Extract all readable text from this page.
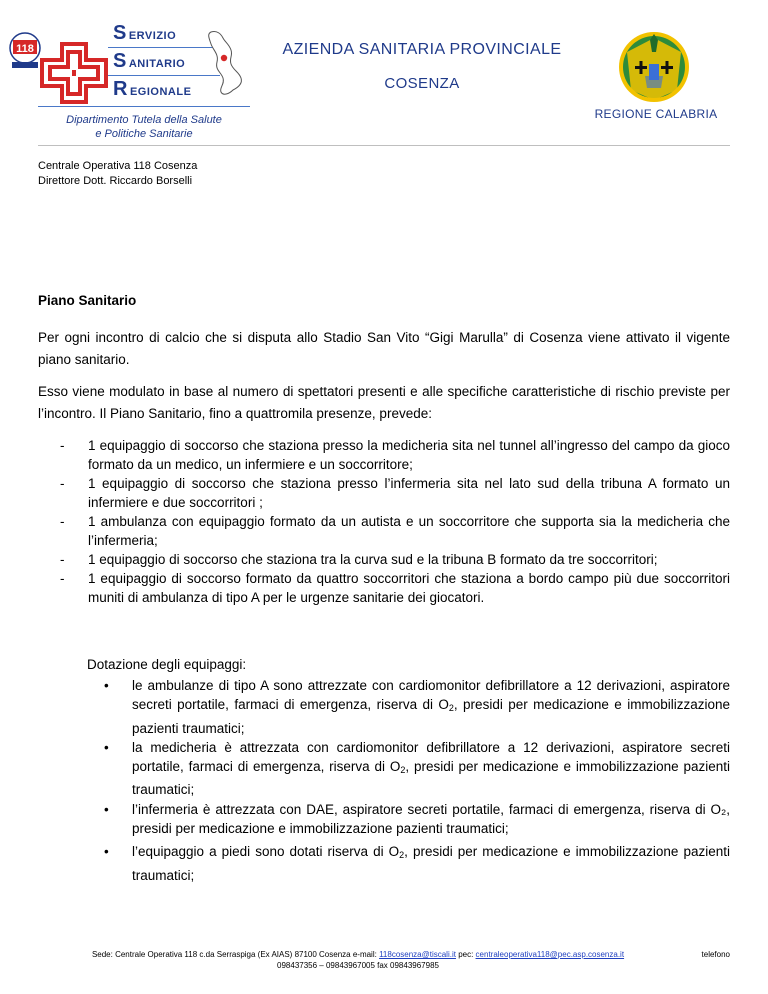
118
SERVIZIO
SANITARIO
REGIONALE
Dipartimento Tutela della Salute
e Politiche Sanitarie
AZIENDA SANITARIA PROVINCIALE
COSENZA
REGIONE CALABRIA
Centrale Operativa 118 Cosenza
Direttore Dott. Riccardo Borselli
Piano Sanitario
Per ogni incontro di calcio che si disputa allo Stadio San Vito “Gigi Marulla” di Cosenza viene attivato il vigente piano sanitario.
Esso viene modulato in base al numero di spettatori presenti e alle specifiche caratteristiche di rischio previste per l’incontro. Il Piano Sanitario, fino a quattromila presenze, prevede:
- 1 equipaggio di soccorso che staziona presso la medicheria sita nel tunnel all’ingresso del campo da gioco formato da un medico, un infermiere e un soccorritore;
- 1 equipaggio di soccorso che staziona presso l’infermeria sita nel lato sud della tribuna A formato un infermiere e due soccorritori ;
- 1 ambulanza con equipaggio formato da un autista e un soccorritore che supporta sia la medicheria che l’infermeria;
- 1 equipaggio di soccorso che staziona tra la curva sud e la tribuna B formato da tre soccorritori;
- 1 equipaggio di soccorso formato da quattro soccorritori che staziona a bordo campo più due soccorritori muniti di ambulanza di tipo A per le urgenze sanitarie dei giocatori.
Dotazione degli equipaggi:
• le ambulanze di tipo A sono attrezzate con cardiomonitor defibrillatore a 12 derivazioni, aspiratore secreti portatile, farmaci di emergenza, riserva di $O_2$, presidi per medicazione e immobilizzazione pazienti traumatici;
• la medicheria è attrezzata con cardiomonitor defibrillatore a 12 derivazioni, aspiratore secreti portatile, farmaci di emergenza, riserva di $O_2$, presidi per medicazione e immobilizzazione pazienti traumatici;
• l’infermeria è attrezzata con DAE, aspiratore secreti portatile, farmaci di emergenza, riserva di O₂, presidi per medicazione e immobilizzazione pazienti traumatici;
• l’equipaggio a piedi sono dotati riserva di $O_2$, presidi per medicazione e immobilizzazione pazienti traumatici;
Sede: Centrale Operativa 118 c.da Serraspiga (Ex AIAS) 87100 Cosenza e-mail: 118cosenza@tiscali.it pec: centraleoperativa118@pec.asp.cosenza.it
098437356 – 09843967005 fax 09843967985
telefono
